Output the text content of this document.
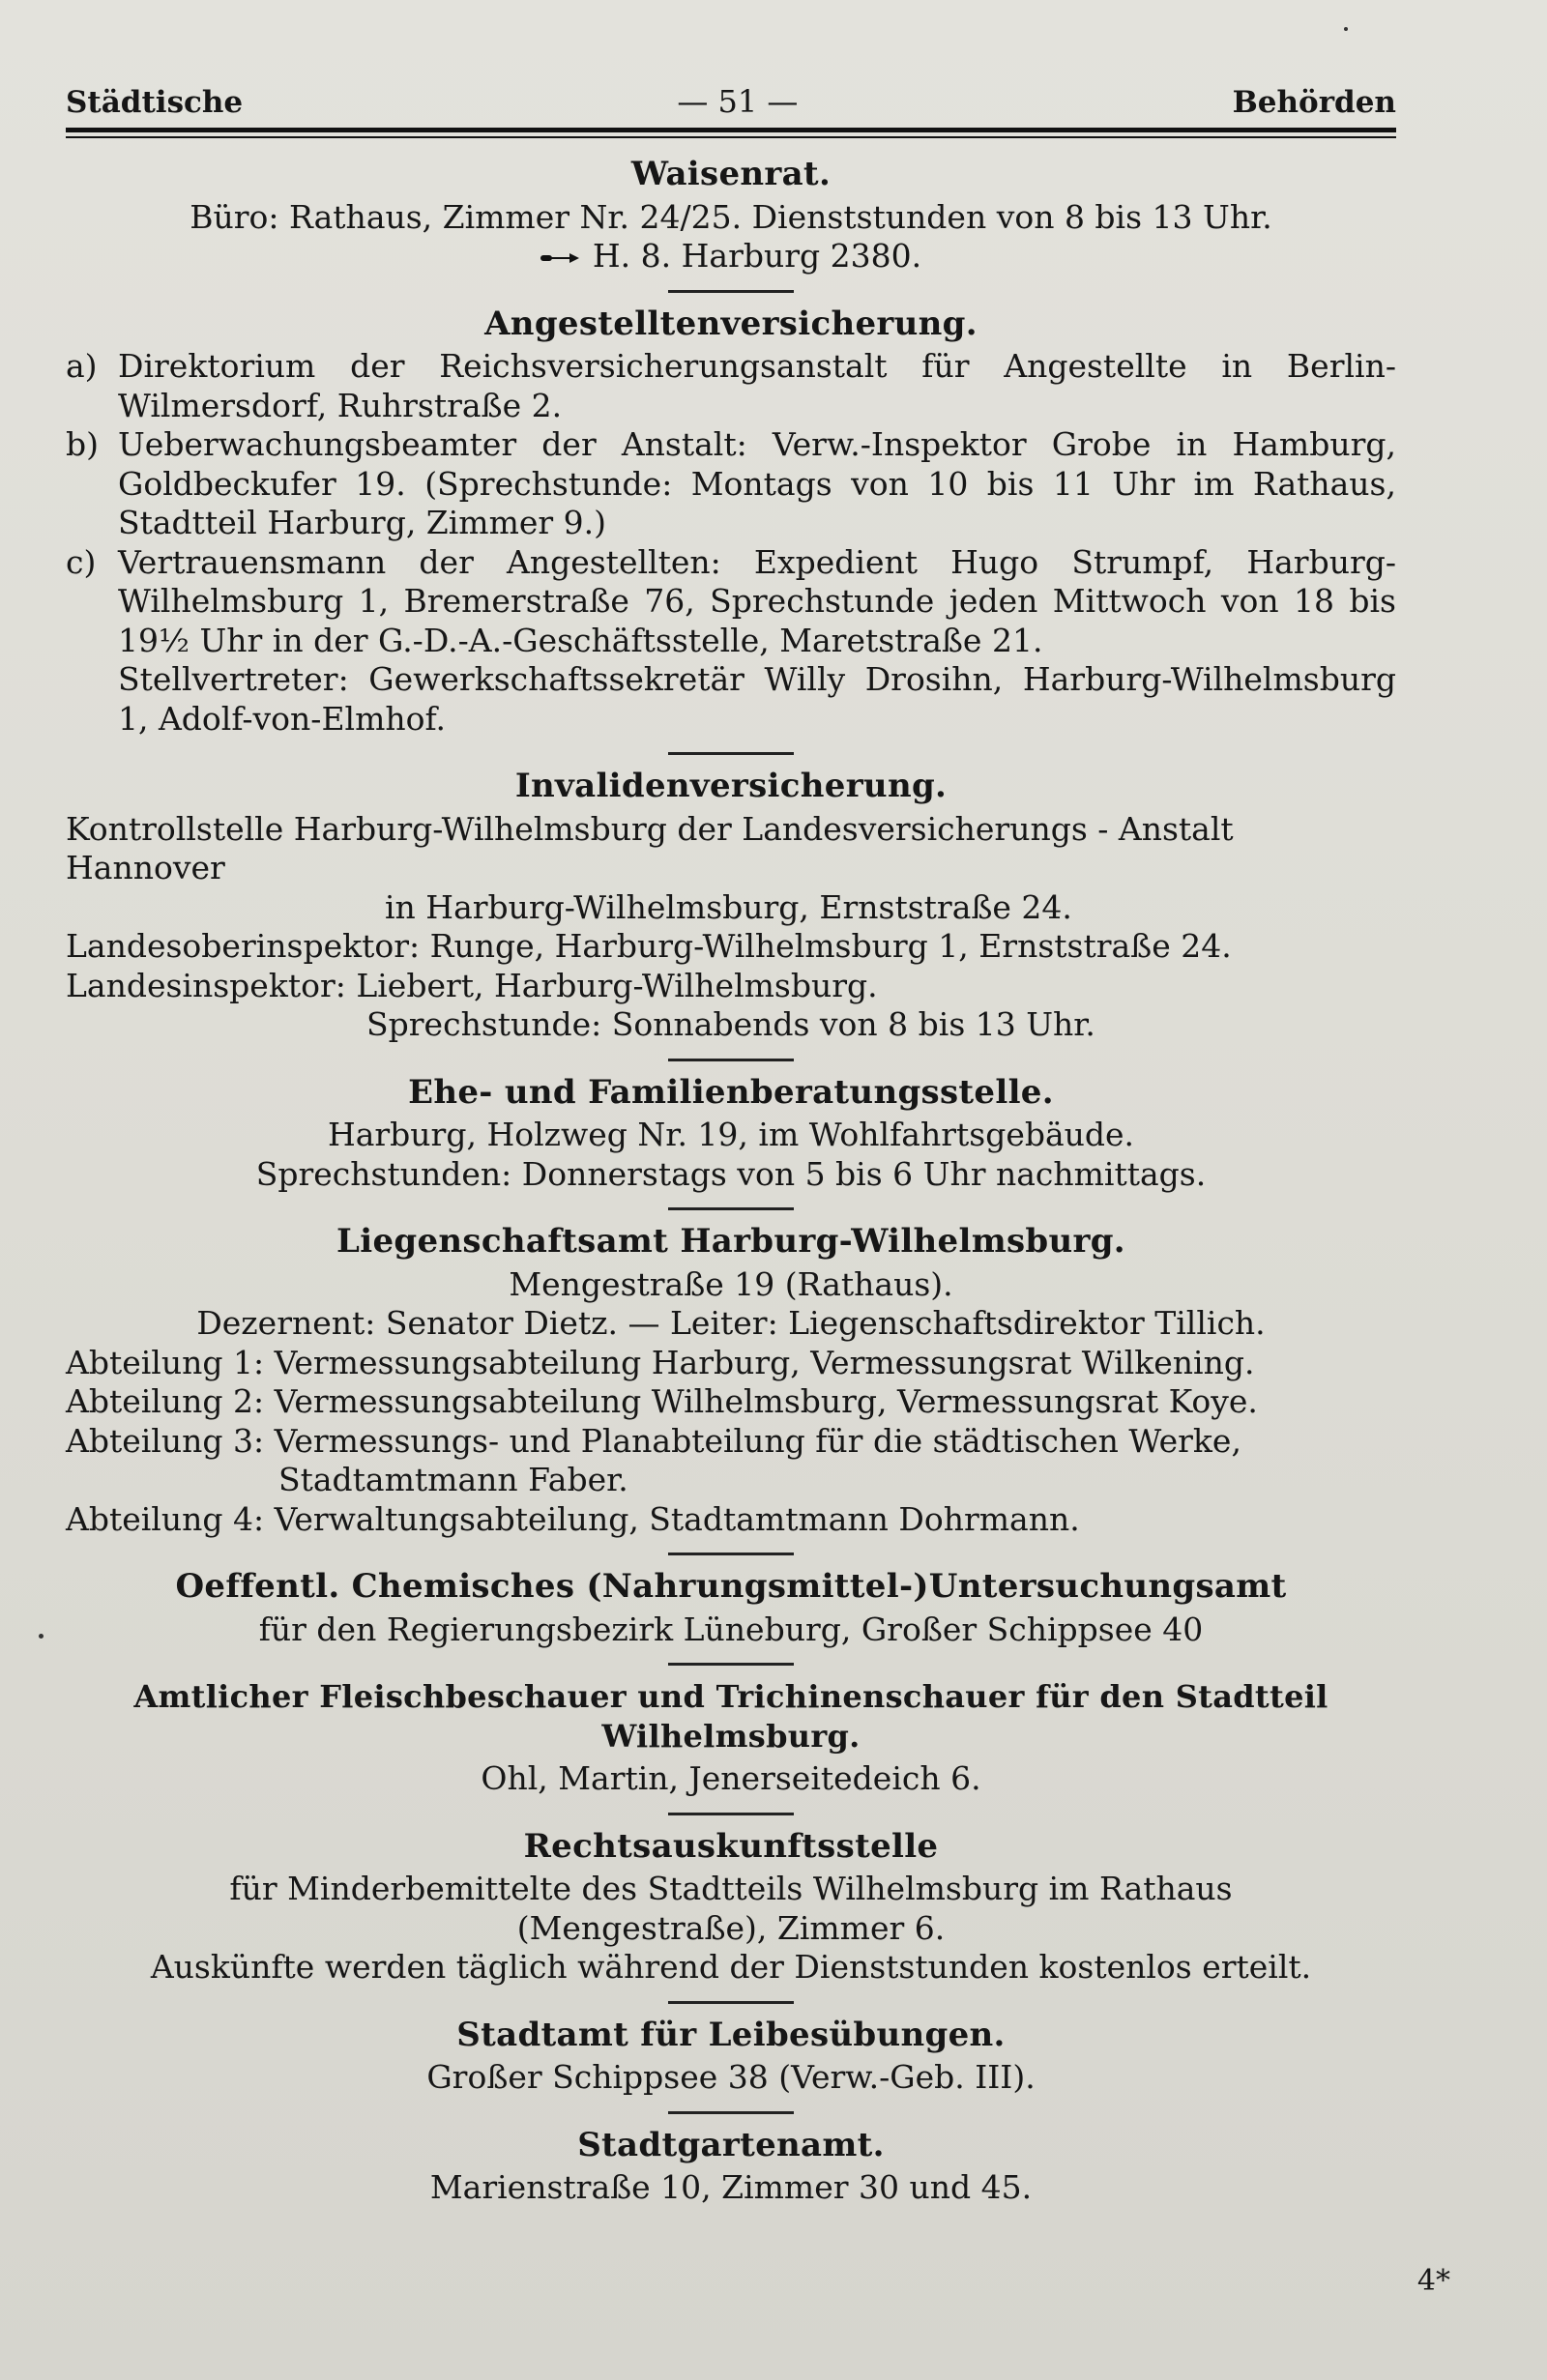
Städtische	— 51 —	Behörden
Waisenrat.
Büro: Rathaus, Zimmer Nr. 24/25. Dienststunden von 8 bis 13 Uhr.
H. 8. Harburg 2380.
Angestelltenversicherung.
a) Direktorium der Reichsversicherungsanstalt für Angestellte in Berlin-Wilmersdorf, Ruhrstraße 2.
b) Ueberwachungsbeamter der Anstalt: Verw.-Inspektor Grobe in Hamburg, Goldbeckufer 19. (Sprechstunde: Montags von 10 bis 11 Uhr im Rathaus, Stadtteil Harburg, Zimmer 9.)
c) Vertrauensmann der Angestellten: Expedient Hugo Strumpf, Harburg-Wilhelmsburg 1, Bremerstraße 76, Sprechstunde jeden Mittwoch von 18 bis 19½ Uhr in der G.-D.-A.-Geschäftsstelle, Maretstraße 21.
Stellvertreter: Gewerkschaftssekretär Willy Drosihn, Harburg-Wilhelmsburg 1, Adolf-von-Elmhof.
Invalidenversicherung.
Kontrollstelle Harburg-Wilhelmsburg der Landesversicherungs - Anstalt Hannover
in Harburg-Wilhelmsburg, Ernststraße 24.
Landesoberinspektor: Runge, Harburg-Wilhelmsburg 1, Ernststraße 24.
Landesinspektor: Liebert, Harburg-Wilhelmsburg.
Sprechstunde: Sonnabends von 8 bis 13 Uhr.
Ehe- und Familienberatungsstelle.
Harburg, Holzweg Nr. 19, im Wohlfahrtsgebäude.
Sprechstunden: Donnerstags von 5 bis 6 Uhr nachmittags.
Liegenschaftsamt Harburg-Wilhelmsburg.
Mengestraße 19 (Rathaus).
Dezernent: Senator Dietz. — Leiter: Liegenschaftsdirektor Tillich.
Abteilung 1: Vermessungsabteilung Harburg, Vermessungsrat Wilkening.
Abteilung 2: Vermessungsabteilung Wilhelmsburg, Vermessungsrat Koye.
Abteilung 3: Vermessungs- und Planabteilung für die städtischen Werke,
Stadtamtmann Faber.
Abteilung 4: Verwaltungsabteilung, Stadtamtmann Dohrmann.
Oeffentl. Chemisches (Nahrungsmittel-)Untersuchungsamt
für den Regierungsbezirk Lüneburg, Großer Schippsee 40
Amtlicher Fleischbeschauer und Trichinenschauer für den Stadtteil Wilhelmsburg.
Ohl, Martin, Jenerseitedeich 6.
Rechtsauskunftsstelle
für Minderbemittelte des Stadtteils Wilhelmsburg im Rathaus
(Mengestraße), Zimmer 6.
Auskünfte werden täglich während der Dienststunden kostenlos erteilt.
Stadtamt für Leibesübungen.
Großer Schippsee 38 (Verw.-Geb. III).
Stadtgartenamt.
Marienstraße 10, Zimmer 30 und 45.
4*
